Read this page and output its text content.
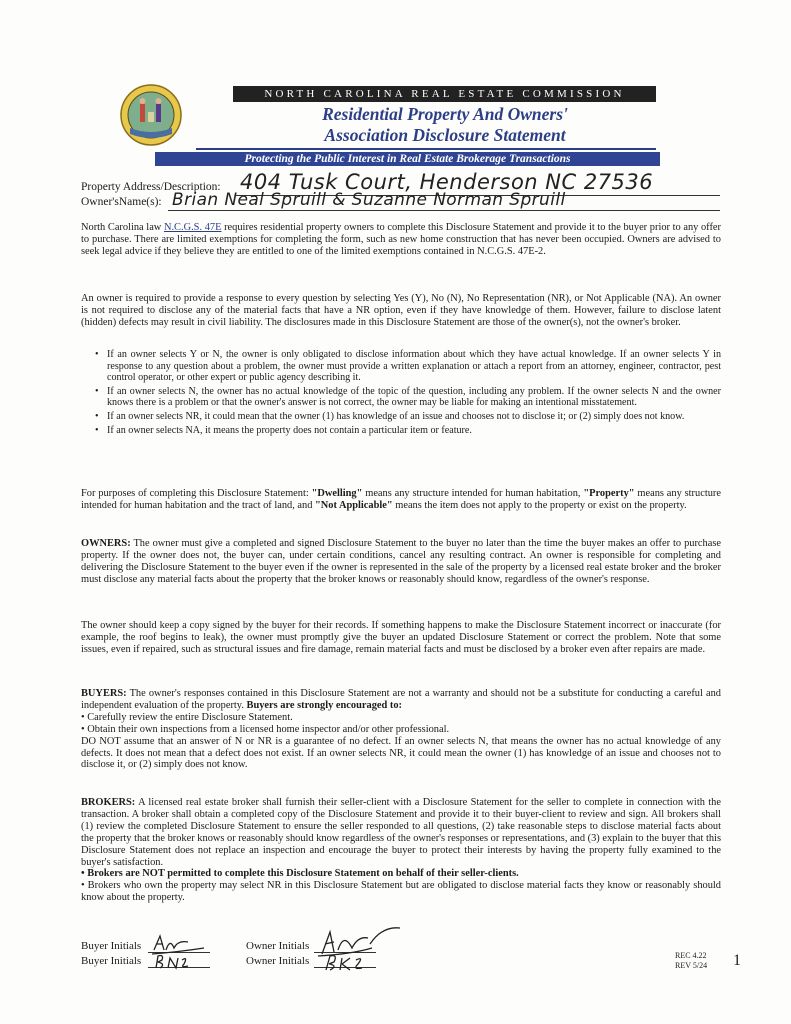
NORTH CAROLINA REAL ESTATE COMMISSION
Residential Property And Owners'
Association Disclosure Statement
Protecting the Public Interest in Real Estate Brokerage Transactions
Property Address/Description: 404 Tusk Court, Henderson NC 27536
Owner'sName(s): Brian Neal Spruill & Suzanne Norman Spruill
North Carolina law N.C.G.S. 47E requires residential property owners to complete this Disclosure Statement and provide it to the buyer prior to any offer to purchase. There are limited exemptions for completing the form, such as new home construction that has never been occupied. Owners are advised to seek legal advice if they believe they are entitled to one of the limited exemptions contained in N.C.G.S. 47E-2.
An owner is required to provide a response to every question by selecting Yes (Y), No (N), No Representation (NR), or Not Applicable (NA). An owner is not required to disclose any of the material facts that have a NR option, even if they have knowledge of them. However, failure to disclose latent (hidden) defects may result in civil liability. The disclosures made in this Disclosure Statement are those of the owner(s), not the owner's broker.
• If an owner selects Y or N, the owner is only obligated to disclose information about which they have actual knowledge. If an owner selects Y in response to any question about a problem, the owner must provide a written explanation or attach a report from an attorney, engineer, contractor, pest control operator, or other expert or public agency describing it.
• If an owner selects N, the owner has no actual knowledge of the topic of the question, including any problem. If the owner selects N and the owner knows there is a problem or that the owner's answer is not correct, the owner may be liable for making an intentional misstatement.
• If an owner selects NR, it could mean that the owner (1) has knowledge of an issue and chooses not to disclose it; or (2) simply does not know.
• If an owner selects NA, it means the property does not contain a particular item or feature.
For purposes of completing this Disclosure Statement: "Dwelling" means any structure intended for human habitation, "Property" means any structure intended for human habitation and the tract of land, and "Not Applicable" means the item does not apply to the property or exist on the property.
OWNERS: The owner must give a completed and signed Disclosure Statement to the buyer no later than the time the buyer makes an offer to purchase property. If the owner does not, the buyer can, under certain conditions, cancel any resulting contract. An owner is responsible for completing and delivering the Disclosure Statement to the buyer even if the owner is represented in the sale of the property by a licensed real estate broker and the broker must disclose any material facts about the property that the broker knows or reasonably should know, regardless of the owner's response.
The owner should keep a copy signed by the buyer for their records. If something happens to make the Disclosure Statement incorrect or inaccurate (for example, the roof begins to leak), the owner must promptly give the buyer an updated Disclosure Statement or correct the problem. Note that some issues, even if repaired, such as structural issues and fire damage, remain material facts and must be disclosed by a broker even after repairs are made.
BUYERS: The owner's responses contained in this Disclosure Statement are not a warranty and should not be a substitute for conducting a careful and independent evaluation of the property. Buyers are strongly encouraged to:
• Carefully review the entire Disclosure Statement.
• Obtain their own inspections from a licensed home inspector and/or other professional.
DO NOT assume that an answer of N or NR is a guarantee of no defect. If an owner selects N, that means the owner has no actual knowledge of any defects. It does not mean that a defect does not exist. If an owner selects NR, it could mean the owner (1) has knowledge of an issue and chooses not to disclose it, or (2) simply does not know.
BROKERS: A licensed real estate broker shall furnish their seller-client with a Disclosure Statement for the seller to complete in connection with the transaction. A broker shall obtain a completed copy of the Disclosure Statement and provide it to their buyer-client to review and sign. All brokers shall (1) review the completed Disclosure Statement to ensure the seller responded to all questions, (2) take reasonable steps to disclose material facts about the property that the broker knows or reasonably should know regardless of the owner's responses or representations, and (3) explain to the buyer that this Disclosure Statement does not replace an inspection and encourage the buyer to protect their interests by having the property fully examined to the buyer's satisfaction.
• Brokers are NOT permitted to complete this Disclosure Statement on behalf of their seller-clients.
• Brokers who own the property may select NR in this Disclosure Statement but are obligated to disclose material facts they know or reasonably should know about the property.
Buyer Initials
Buyer Initials
Owner Initials
Owner Initials	REC 4.22
REV 5/24 1
